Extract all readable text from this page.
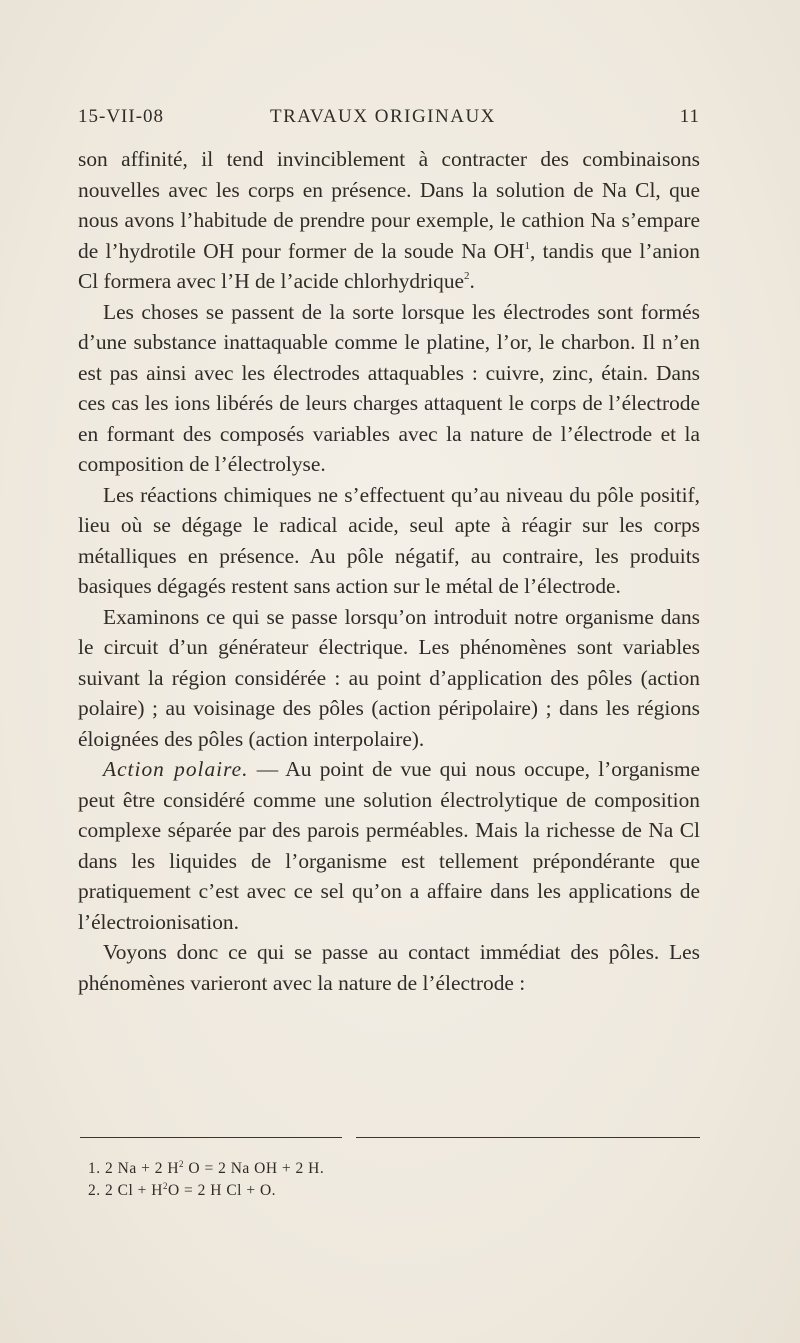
15-VII-08	TRAVAUX ORIGINAUX	11

son affinité, il tend invinciblement à contracter des combinaisons nouvelles avec les corps en présence. Dans la solution de Na Cl, que nous avons l’habitude de prendre pour exemple, le cathion Na s’empare de l’hydrotile OH pour former de la soude Na $OH^1$, tandis que l’anion Cl formera avec l’H de l’acide chlorhydrique$^2$.

Les choses se passent de la sorte lorsque les électrodes sont formés d’une substance inattaquable comme le platine, l’or, le charbon. Il n’en est pas ainsi avec les électrodes attaquables : cuivre, zinc, étain. Dans ces cas les ions libérés de leurs charges attaquent le corps de l’électrode en formant des composés variables avec la nature de l’électrode et la composition de l’électrolyse.

Les réactions chimiques ne s’effectuent qu’au niveau du pôle positif, lieu où se dégage le radical acide, seul apte à réagir sur les corps métalliques en présence. Au pôle négatif, au contraire, les produits basiques dégagés restent sans action sur le métal de l’électrode.

Examinons ce qui se passe lorsqu’on introduit notre organisme dans le circuit d’un générateur électrique. Les phénomènes sont variables suivant la région considérée : au point d’application des pôles (action polaire) ; au voisinage des pôles (action péripolaire) ; dans les régions éloignées des pôles (action interpolaire).

Action polaire. — Au point de vue qui nous occupe, l’organisme peut être considéré comme une solution électrolytique de composition complexe séparée par des parois perméables. Mais la richesse de Na Cl dans les liquides de l’organisme est tellement prépondérante que pratiquement c’est avec ce sel qu’on a affaire dans les applications de l’électroionisation.

Voyons donc ce qui se passe au contact immédiat des pôles. Les phénomènes varieront avec la nature de l’électrode :

1. 2 Na + 2 $H^2$ O = 2 Na OH + 2 H.
2. 2 $Cl + H^2O = 2$ H Cl + O.
